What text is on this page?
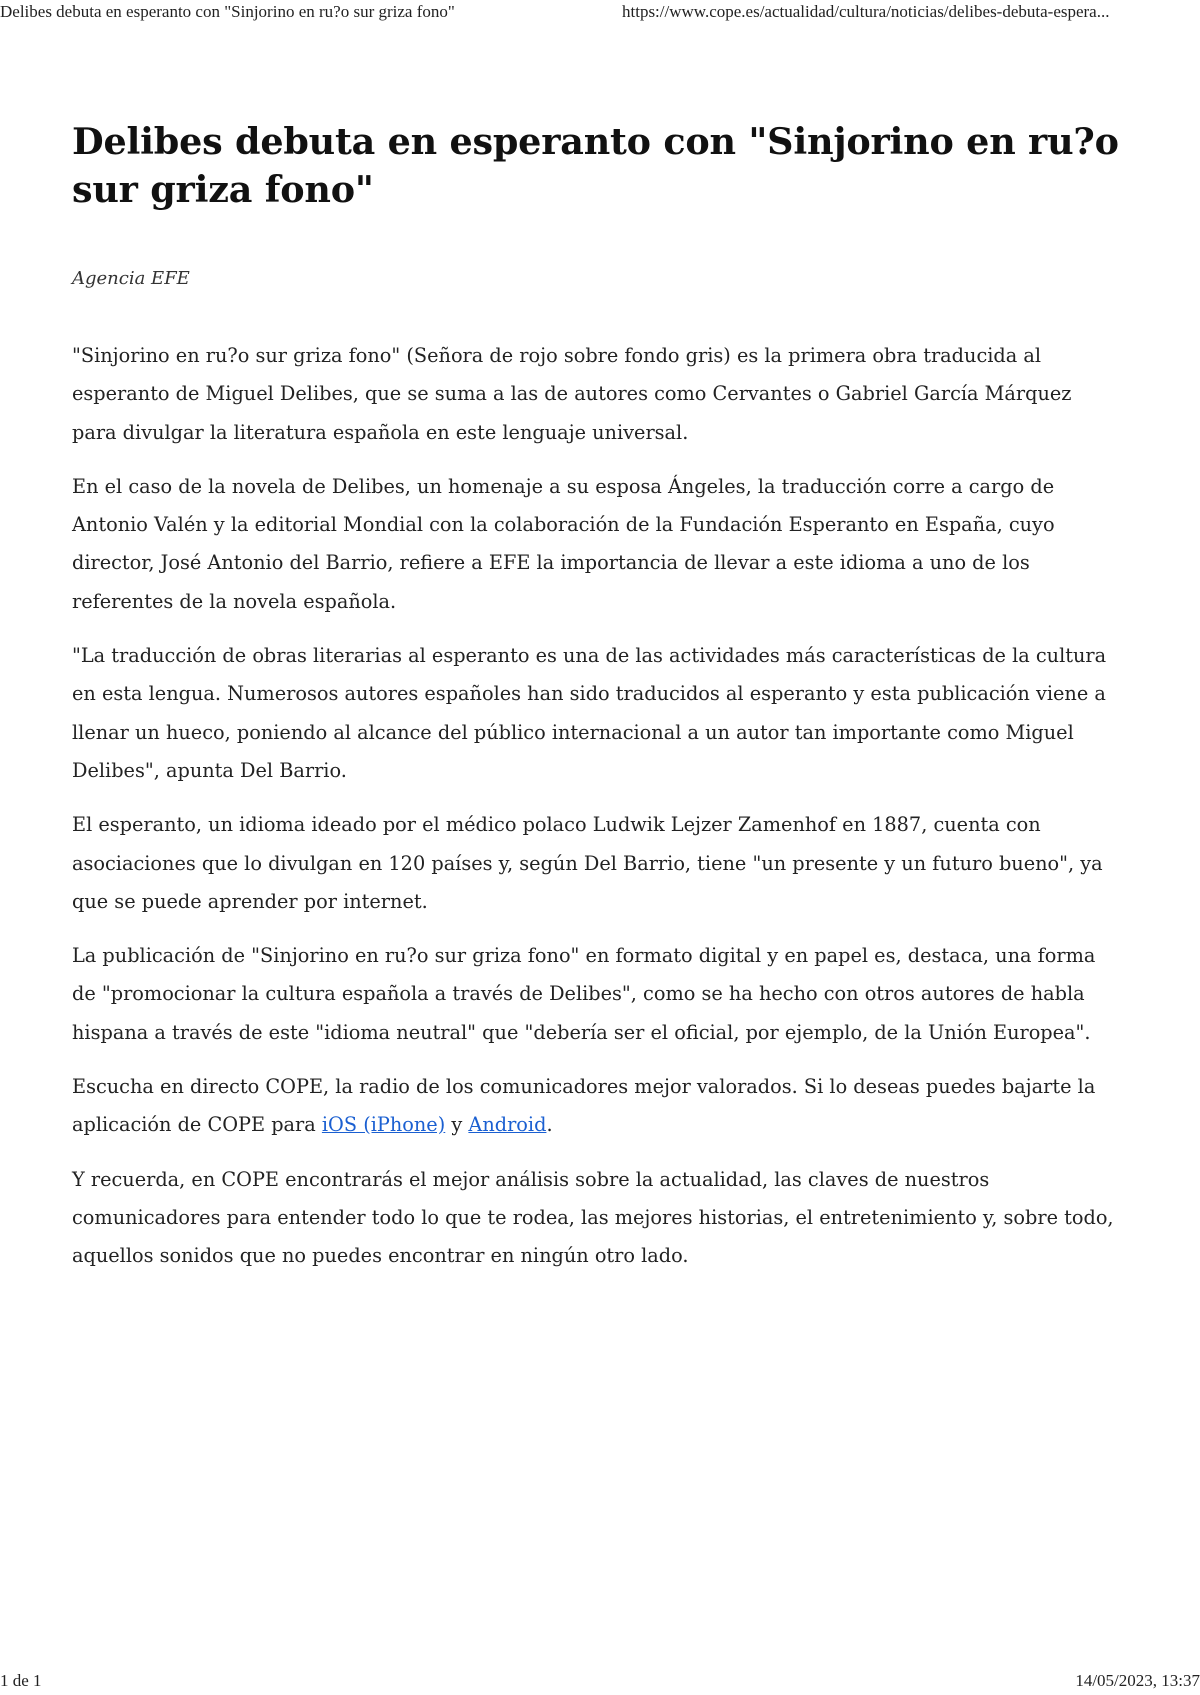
Delibes debuta en esperanto con "Sinjorino en ru?o sur griza fono"	https://www.cope.es/actualidad/cultura/noticias/delibes-debuta-espera...
Delibes debuta en esperanto con "Sinjorino en ru?o sur griza fono"
Agencia EFE

"Sinjorino en ru?o sur griza fono" (Señora de rojo sobre fondo gris) es la primera obra traducida al esperanto de Miguel Delibes, que se suma a las de autores como Cervantes o Gabriel García Márquez para divulgar la literatura española en este lenguaje universal.

En el caso de la novela de Delibes, un homenaje a su esposa Ángeles, la traducción corre a cargo de Antonio Valén y la editorial Mondial con la colaboración de la Fundación Esperanto en España, cuyo director, José Antonio del Barrio, refiere a EFE la importancia de llevar a este idioma a uno de los referentes de la novela española.

"La traducción de obras literarias al esperanto es una de las actividades más características de la cultura en esta lengua. Numerosos autores españoles han sido traducidos al esperanto y esta publicación viene a llenar un hueco, poniendo al alcance del público internacional a un autor tan importante como Miguel Delibes", apunta Del Barrio.

El esperanto, un idioma ideado por el médico polaco Ludwik Lejzer Zamenhof en 1887, cuenta con asociaciones que lo divulgan en 120 países y, según Del Barrio, tiene "un presente y un futuro bueno", ya que se puede aprender por internet.

La publicación de "Sinjorino en ru?o sur griza fono" en formato digital y en papel es, destaca, una forma de "promocionar la cultura española a través de Delibes", como se ha hecho con otros autores de habla hispana a través de este "idioma neutral" que "debería ser el oficial, por ejemplo, de la Unión Europea".

Escucha en directo COPE, la radio de los comunicadores mejor valorados. Si lo deseas puedes bajarte la aplicación de COPE para iOS (iPhone) y Android.

Y recuerda, en COPE encontrarás el mejor análisis sobre la actualidad, las claves de nuestros comunicadores para entender todo lo que te rodea, las mejores historias, el entretenimiento y, sobre todo, aquellos sonidos que no puedes encontrar en ningún otro lado.

1 de 1	14/05/2023, 13:37
